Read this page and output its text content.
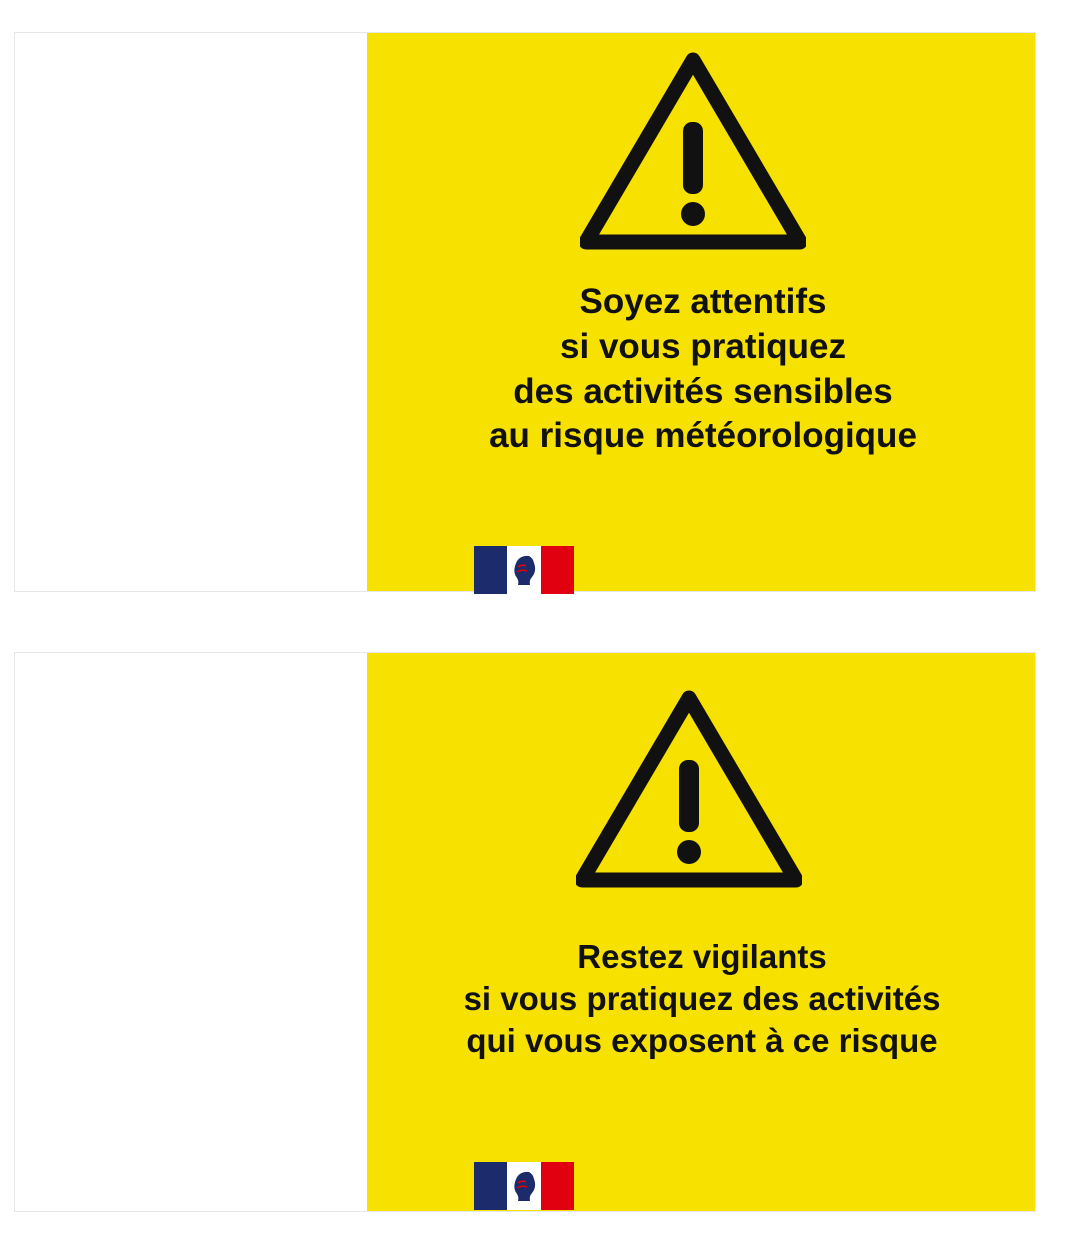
Soyez attentifs
si vous pratiquez
des activités sensibles
au risque météorologique
Restez vigilants
si vous pratiquez des activités
qui vous exposent à ce risque
